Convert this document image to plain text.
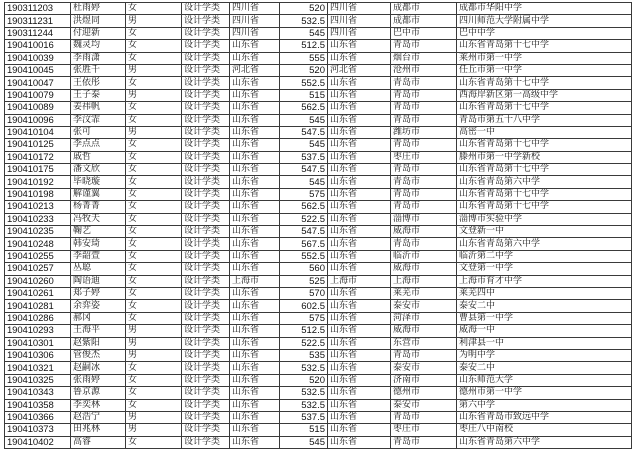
190311203	杜雨婷	女	设计学类	四川省	520	四川省	成都市	成都市华阳中学
190311231	洪煜同	男	设计学类	四川省	532.5	四川省	成都市	四川师范大学附属中学
190311244	付迎新	女	设计学类	四川省	545	四川省	巴中市	巴中中学
190410016	魏灵均	女	设计学类	山东省	512.5	山东省	青岛市	山东省青岛第十七中学
190410039	李雨潇	女	设计学类	山东省	555	山东省	烟台市	莱州市第一中学
190410045	张胜千	男	设计学类	河北省	520	河北省	沧州市	任丘市第一中学
190410047	王依彤	女	设计学类	山东省	552.5	山东省	青岛市	山东省青岛第十七中学
190410079	王子泰	男	设计学类	山东省	515	山东省	青岛市	西海岸新区第一高级中学
190410089	姜祎帆	女	设计学类	山东省	562.5	山东省	青岛市	山东省青岛第十七中学
190410096	李汶霏	女	设计学类	山东省	545	山东省	青岛市	青岛市第五十八中学
190410104	张可	男	设计学类	山东省	547.5	山东省	潍坊市	高密一中
190410125	李点点	女	设计学类	山东省	545	山东省	青岛市	山东省青岛第十七中学
190410172	戚哲	女	设计学类	山东省	537.5	山东省	枣庄市	滕州市第一中学新校
190410175	潘文欣	女	设计学类	山东省	547.5	山东省	青岛市	山东省青岛第十七中学
190410192	毕晓璇	女	设计学类	山东省	545	山东省	青岛市	山东省青岛第六中学
190410198	解谨翼	女	设计学类	山东省	575	山东省	青岛市	山东省青岛第十七中学
190410213	杨菁菁	女	设计学类	山东省	562.5	山东省	青岛市	山东省青岛第十七中学
190410233	冯牧天	女	设计学类	山东省	522.5	山东省	淄博市	淄博市实验中学
190410235	鞠艺	女	设计学类	山东省	547.5	山东省	威海市	文登新一中
190410248	韩安琦	女	设计学类	山东省	567.5	山东省	青岛市	山东省青岛第六中学
190410255	李韶萱	女	设计学类	山东省	552.5	山东省	临沂市	临沂第二中学
190410257	丛聪	女	设计学类	山东省	560	山东省	威海市	文登第一中学
190410260	陶语迪	女	设计学类	上海市	525	上海市	上海市	上海市育才中学
190410261	郑子婷	女	设计学类	山东省	570	山东省	莱芜市	莱芜四中
190410281	余弈姿	女	设计学类	山东省	602.5	山东省	泰安市	泰安二中
190410286	郝冈	女	设计学类	山东省	575	山东省	菏泽市	曹县第一中学
190410293	王海平	男	设计学类	山东省	512.5	山东省	威海市	威海一中
190410301	赵紫阳	男	设计学类	山东省	522.5	山东省	东营市	利津县一中
190410306	管俊杰	男	设计学类	山东省	535	山东省	青岛市	为明中学
190410321	赵嗣冰	女	设计学类	山东省	532.5	山东省	泰安市	泰安二中
190410325	张雨婷	女	设计学类	山东省	520	山东省	济南市	山东师范大学
190410343	鲁京源	女	设计学类	山东省	532.5	山东省	德州市	德州市第一中学
190410358	李奕林	女	设计学类	山东省	532.5	山东省	泰安市	第六中学
190410366	赵浩宁	男	设计学类	山东省	537.5	山东省	青岛市	山东省青岛市致远中学
190410373	田兆林	男	设计学类	山东省	515	山东省	枣庄市	枣庄八中南校
190410402	高睿	女	设计学类	山东省	545	山东省	青岛市	山东省青岛第六中学
